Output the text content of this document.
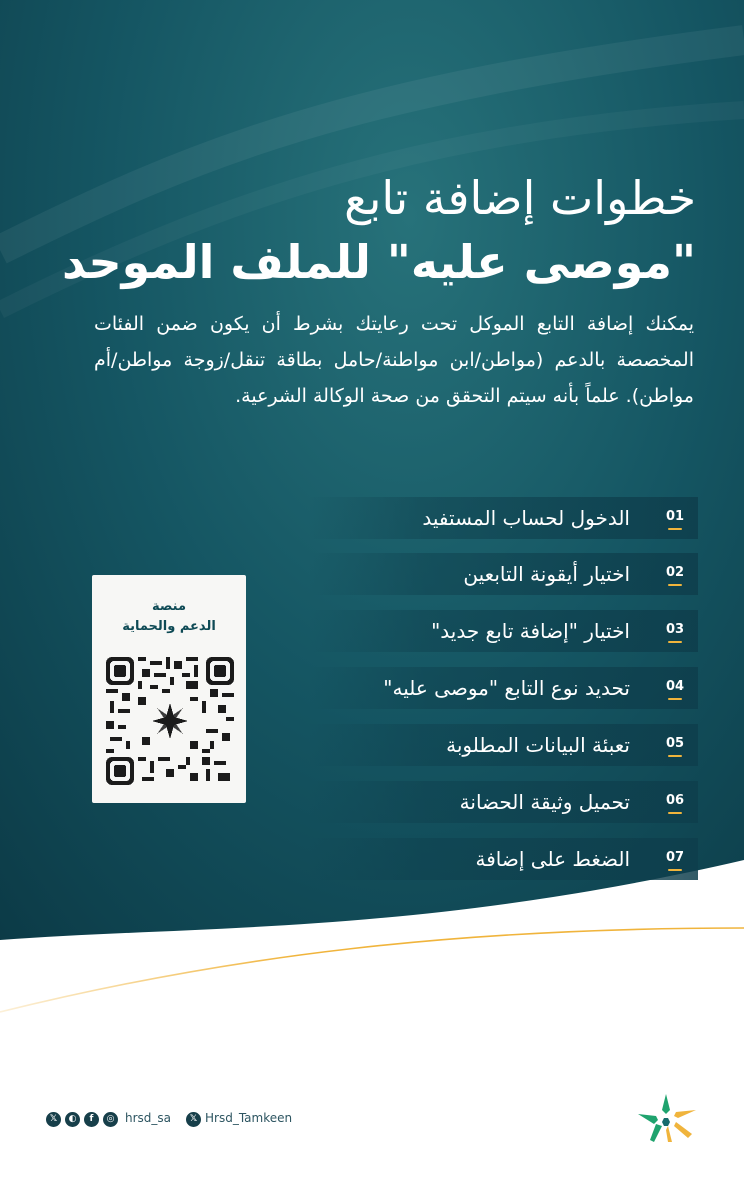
خطوات إضافة تابع
"موصى عليه" للملف الموحد
يمكنك إضافة التابع الموكل تحت رعايتك بشرط أن يكون ضمن الفئات المخصصة بالدعم (مواطن/ابن مواطنة/حامل بطاقة تنقل/زوجة مواطن/أم مواطن). علماً بأنه سيتم التحقق من صحة الوكالة الشرعية.
01
الدخول لحساب المستفيد
02
اختيار أيقونة التابعين
03
اختيار "إضافة تابع جديد"
04
تحديد نوع التابع "موصى عليه"
05
تعبئة البيانات المطلوبة
06
تحميل وثيقة الحضانة
07
الضغط على إضافة
منصة
الدعم والحماية
𝕏	◐	f	◎ hrsd_sa	𝕏 Hrsd_Tamkeen
